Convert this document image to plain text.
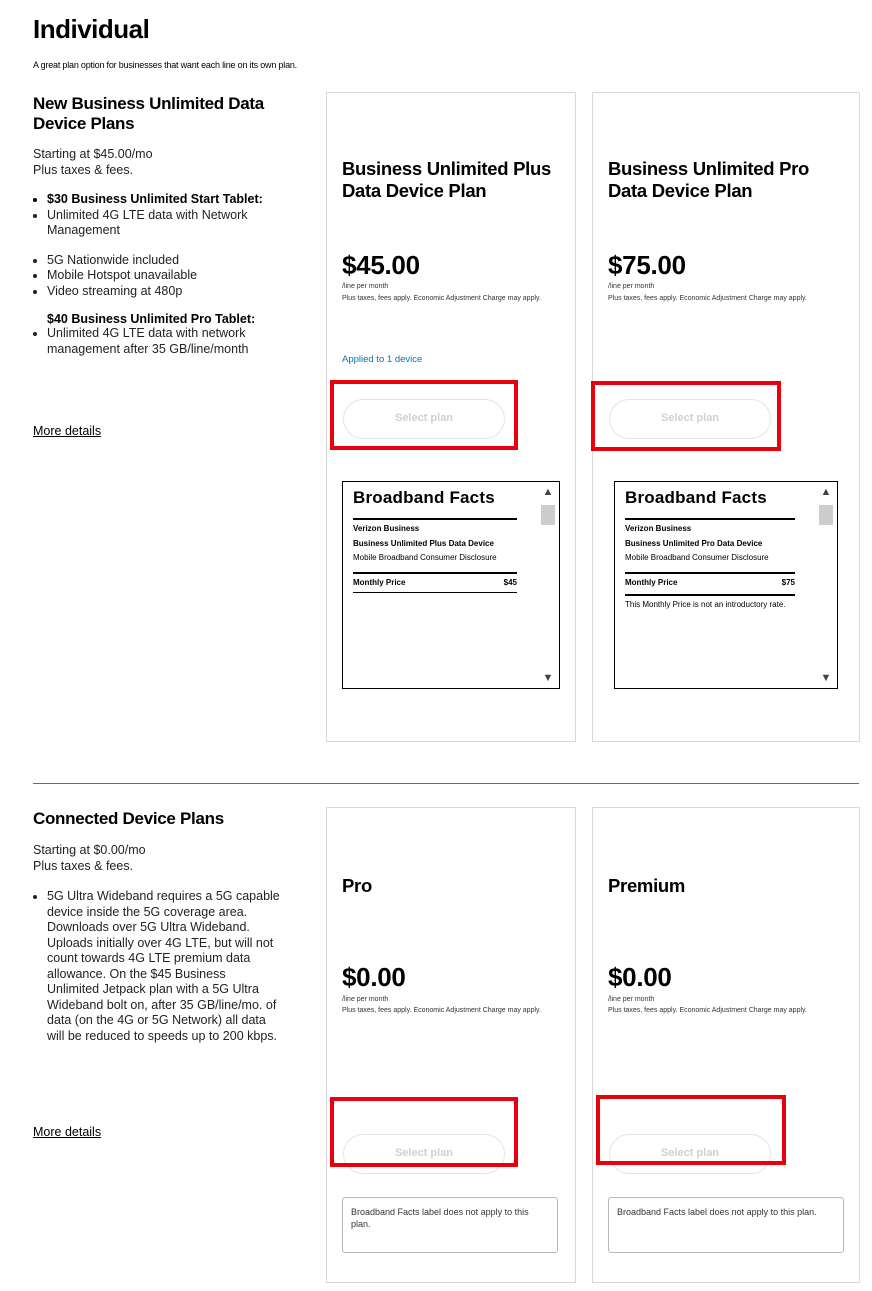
Individual
A great plan option for businesses that want each line on its own plan.
New Business Unlimited Data Device Plans
Starting at $45.00/mo
Plus taxes & fees.
• $30 Business Unlimited Start Tablet:
• Unlimited 4G LTE data with Network Management
• 5G Nationwide included
• Mobile Hotspot unavailable
• Video streaming at 480p
$40 Business Unlimited Pro Tablet:
• Unlimited 4G LTE data with network management after 35 GB/line/month
More details
Business Unlimited Plus Data Device Plan
$45.00
/line per month
Plus taxes, fees apply. Economic Adjustment Charge may apply.
Applied to 1 device
Select plan
Broadband Facts
Verizon Business
Business Unlimited Plus Data Device
Mobile Broadband Consumer Disclosure
Monthly Price	$45
▲
▼
Business Unlimited Pro Data Device Plan
$75.00
/line per month
Plus taxes, fees apply. Economic Adjustment Charge may apply.
Select plan
Broadband Facts
Verizon Business
Business Unlimited Pro Data Device
Mobile Broadband Consumer Disclosure
Monthly Price	$75
This Monthly Price is not an introductory rate.
▲
▼
Connected Device Plans
Starting at $0.00/mo
Plus taxes & fees.
• 5G Ultra Wideband requires a 5G capable device inside the 5G coverage area. Downloads over 5G Ultra Wideband. Uploads initially over 4G LTE, but will not count towards 4G LTE premium data allowance. On the $45 Business Unlimited Jetpack plan with a 5G Ultra Wideband bolt on, after 35 GB/line/mo. of data (on the 4G or 5G Network) all data will be reduced to speeds up to 200 kbps.
More details
Pro
$0.00
/line per month
Plus taxes, fees apply. Economic Adjustment Charge may apply.
Select plan
Broadband Facts label does not apply to this plan.
Premium
$0.00
/line per month
Plus taxes, fees apply. Economic Adjustment Charge may apply.
Select plan
Broadband Facts label does not apply to this plan.
